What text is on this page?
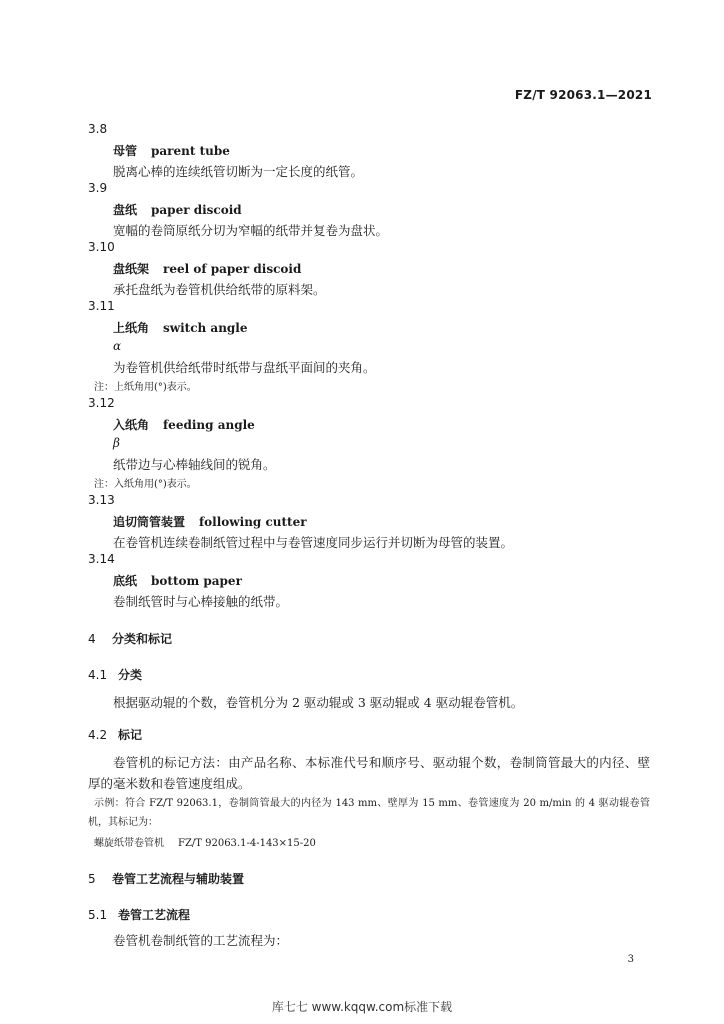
FZ/T 92063.1—2021
3.8
母管 parent tube
脱离心棒的连续纸管切断为一定长度的纸管。
3.9
盘纸 paper discoid
宽幅的卷筒原纸分切为窄幅的纸带并复卷为盘状。
3.10
盘纸架 reel of paper discoid
承托盘纸为卷管机供给纸带的原料架。
3.11
上纸角 switch angle
α
为卷管机供给纸带时纸带与盘纸平面间的夹角。
注：上纸角用(°)表示。
3.12
入纸角 feeding angle
β
纸带边与心棒轴线间的锐角。
注：入纸角用(°)表示。
3.13
追切筒管装置 following cutter
在卷管机连续卷制纸管过程中与卷管速度同步运行并切断为母管的装置。
3.14
底纸 bottom paper
卷制纸管时与心棒接触的纸带。
4 分类和标记
4.1 分类
根据驱动辊的个数，卷管机分为 2 驱动辊或 3 驱动辊或 4 驱动辊卷管机。
4.2 标记
卷管机的标记方法：由产品名称、本标准代号和顺序号、驱动辊个数，卷制筒管最大的内径、壁厚的毫米数和卷管速度组成。
示例：符合 FZ/T 92063.1，卷制筒管最大的内径为 143 mm、壁厚为 15 mm、卷管速度为 20 m/min 的 4 驱动辊卷管机，其标记为：
螺旋纸带卷管机 FZ/T 92063.1-4-143×15-20
5 卷管工艺流程与辅助装置
5.1 卷管工艺流程
卷管机卷制纸管的工艺流程为：
3
库七七 www.kqqw.com标准下载
